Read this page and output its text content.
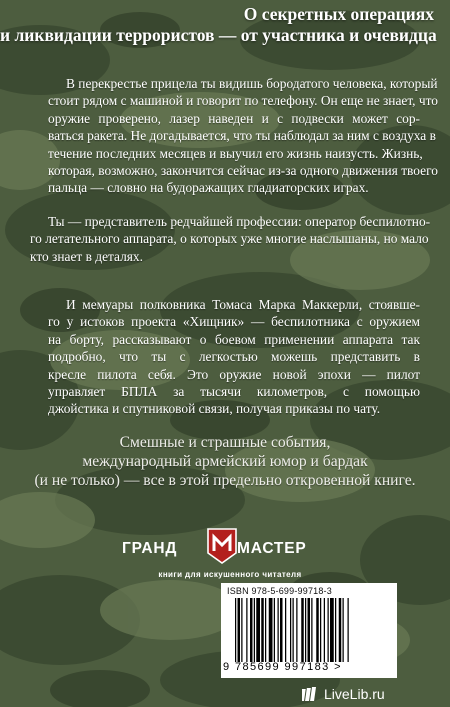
О секретных операциях
и ликвидации террористов — от участника и очевидца
В перекрестье прицела ты видишь бородатого человека, который
стоит рядом с машиной и говорит по телефону. Он еще не знает, что
оружие проверено, лазер наведен и с подвески может сор-
ваться ракета. Не догадывается, что ты наблюдал за ним с воздуха в
течение последних месяцев и выучил его жизнь наизусть. Жизнь,
которая, возможно, закончится сейчас из-за одного движения твоего
пальца — словно на будоражащих гладиаторских играх.
Ты — представитель редчайшей профессии: оператор беспилотно-
го летательного аппарата, о которых уже многие наслышаны, но мало
кто знает в деталях.
И мемуары полковника Томаса Марка Маккерли, стоявше-
го у истоков проекта «Хищник» — беспилотника с оружием
на борту, рассказывают о боевом применении аппарата так
подробно, что ты с легкостью можешь представить в
кресле пилота себя. Это оружие новой эпохи — пилот
управляет БПЛА за тысячи километров, с помощью
джойстика и спутниковой связи, получая приказы по чату.
Смешные и страшные события,
международный армейский юмор и бардак
(и не только) — все в этой предельно откровенной книге.
ГРАНД	МАСТЕР
книги для искушенного читателя
ISBN 978-5-699-99718-3
9 785699 997183 >
LiveLib.ru
